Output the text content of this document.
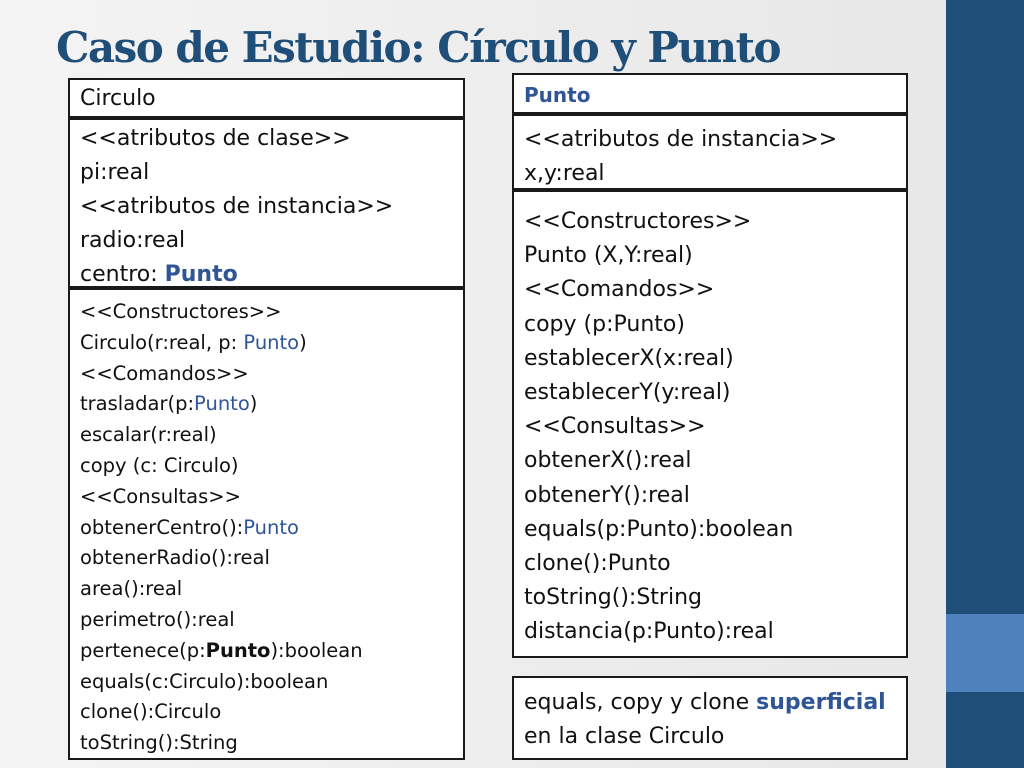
Caso de Estudio: Círculo y Punto
Circulo
<<atributos de clase>>
pi:real
<<atributos de instancia>>
radio:real
centro: Punto
<<Constructores>>
Circulo(r:real, p: Punto)
<<Comandos>>
trasladar(p:Punto)
escalar(r:real)
copy (c: Circulo)
<<Consultas>>
obtenerCentro():Punto
obtenerRadio():real
area():real
perimetro():real
pertenece(p:Punto):boolean
equals(c:Circulo):boolean
clone():Circulo
toString():String
Punto
<<atributos de instancia>>
x,y:real
<<Constructores>>
Punto (X,Y:real)
<<Comandos>>
copy (p:Punto)
establecerX(x:real)
establecerY(y:real)
<<Consultas>>
obtenerX():real
obtenerY():real
equals(p:Punto):boolean
clone():Punto
toString():String
distancia(p:Punto):real
equals, copy y clone superficial
en la clase Circulo
